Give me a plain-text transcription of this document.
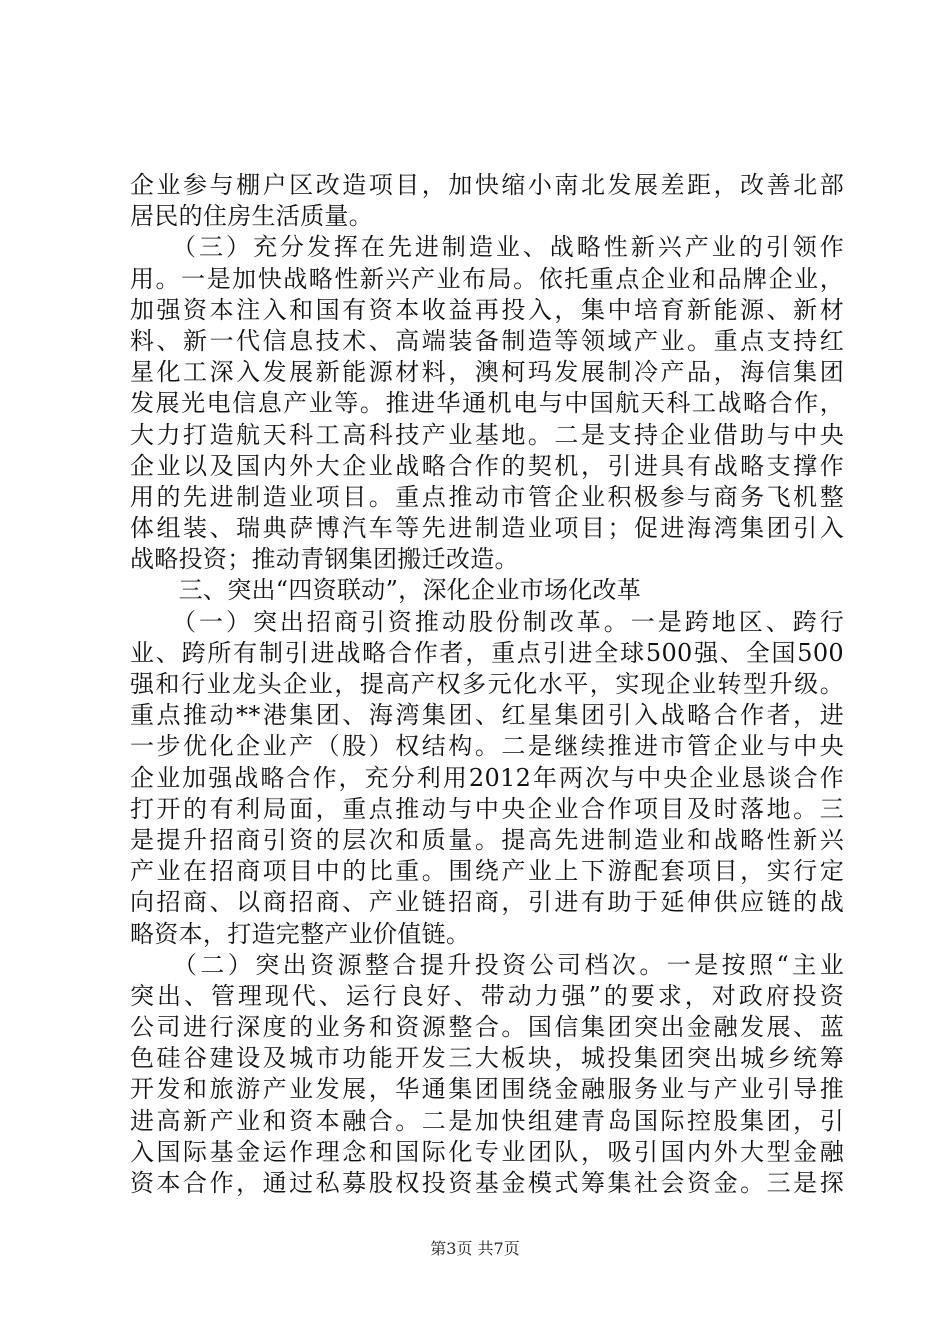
企业参与棚户区改造项目，加快缩小南北发展差距，改善北部
居民的住房生活质量。
　　（三）充分发挥在先进制造业、战略性新兴产业的引领作
用。一是加快战略性新兴产业布局。依托重点企业和品牌企业，
加强资本注入和国有资本收益再投入，集中培育新能源、新材
料、新一代信息技术、高端装备制造等领域产业。重点支持红
星化工深入发展新能源材料，澳柯玛发展制冷产品，海信集团
发展光电信息产业等。推进华通机电与中国航天科工战略合作，
大力打造航天科工高科技产业基地。二是支持企业借助与中央
企业以及国内外大企业战略合作的契机，引进具有战略支撑作
用的先进制造业项目。重点推动市管企业积极参与商务飞机整
体组装、瑞典萨博汽车等先进制造业项目；促进海湾集团引入
战略投资；推动青钢集团搬迁改造。
　　三、突出“四资联动”，深化企业市场化改革
　　（一）突出招商引资推动股份制改革。一是跨地区、跨行
业、跨所有制引进战略合作者，重点引进全球500强、全国500
强和行业龙头企业，提高产权多元化水平，实现企业转型升级。
重点推动**港集团、海湾集团、红星集团引入战略合作者，进
一步优化企业产（股）权结构。二是继续推进市管企业与中央
企业加强战略合作，充分利用2012年两次与中央企业恳谈合作
打开的有利局面，重点推动与中央企业合作项目及时落地。三
是提升招商引资的层次和质量。提高先进制造业和战略性新兴
产业在招商项目中的比重。围绕产业上下游配套项目，实行定
向招商、以商招商、产业链招商，引进有助于延伸供应链的战
略资本，打造完整产业价值链。
　　（二）突出资源整合提升投资公司档次。一是按照“主业
突出、管理现代、运行良好、带动力强”的要求，对政府投资
公司进行深度的业务和资源整合。国信集团突出金融发展、蓝
色硅谷建设及城市功能开发三大板块，城投集团突出城乡统筹
开发和旅游产业发展，华通集团围绕金融服务业与产业引导推
进高新产业和资本融合。二是加快组建青岛国际控股集团，引
入国际基金运作理念和国际化专业团队，吸引国内外大型金融
资本合作，通过私募股权投资基金模式筹集社会资金。三是探
第3页 共7页
